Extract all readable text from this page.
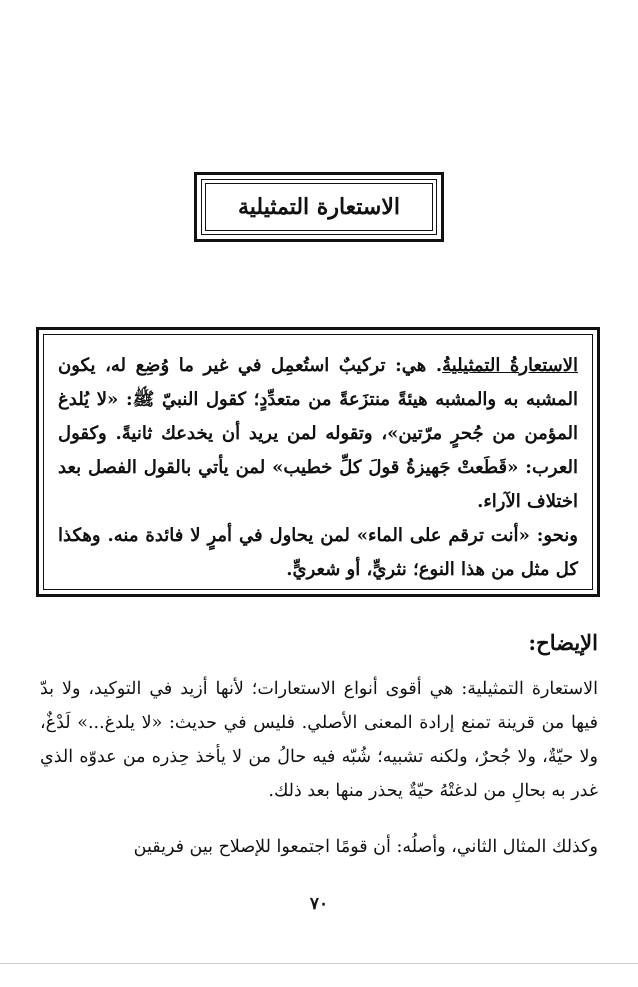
الاستعارة التمثيلية

الاستعارةُ التمثيليةُ. هي: تركيبٌ استُعمِل في غير ما وُضِع له، يكون المشبه به والمشبه هيئةً منتزَعةً من متعدِّدٍ؛ كقول النبيّ ﷺ: «لا يُلدغ المؤمن من جُحرٍ مرّتين»، وتقوله لمن يريد أن يخدعك ثانيةً. وكقول العرب: «قَطَعتْ جَهيزةُ قولَ كلِّ خطيب» لمن يأتي بالقول الفصل بعد اختلاف الآراء.

ونحو: «أنت ترقم على الماء» لمن يحاول في أمرٍ لا فائدة منه. وهكذا كل مثل من هذا النوع؛ نثريٍّ، أو شعريٍّ.

الإيضاح:

الاستعارة التمثيلية: هي أقوى أنواع الاستعارات؛ لأنها أزيد في التوكيد، ولا بدّ فيها من قرينة تمنع إرادة المعنى الأصلي. فليس في حديث: «لا يلدغ...» لَدْغٌ، ولا حيّةٌ، ولا جُحرٌ، ولكنه تشبيه؛ شُبّه فيه حالُ من لا يأخذ حِذره من عدوّه الذي غدر به بحالِ من لدغتْهُ حيّةٌ يحذر منها بعد ذلك.

وكذلك المثال الثاني، وأصلُه: أن قومًا اجتمعوا للإصلاح بين فريقين

٧٠
